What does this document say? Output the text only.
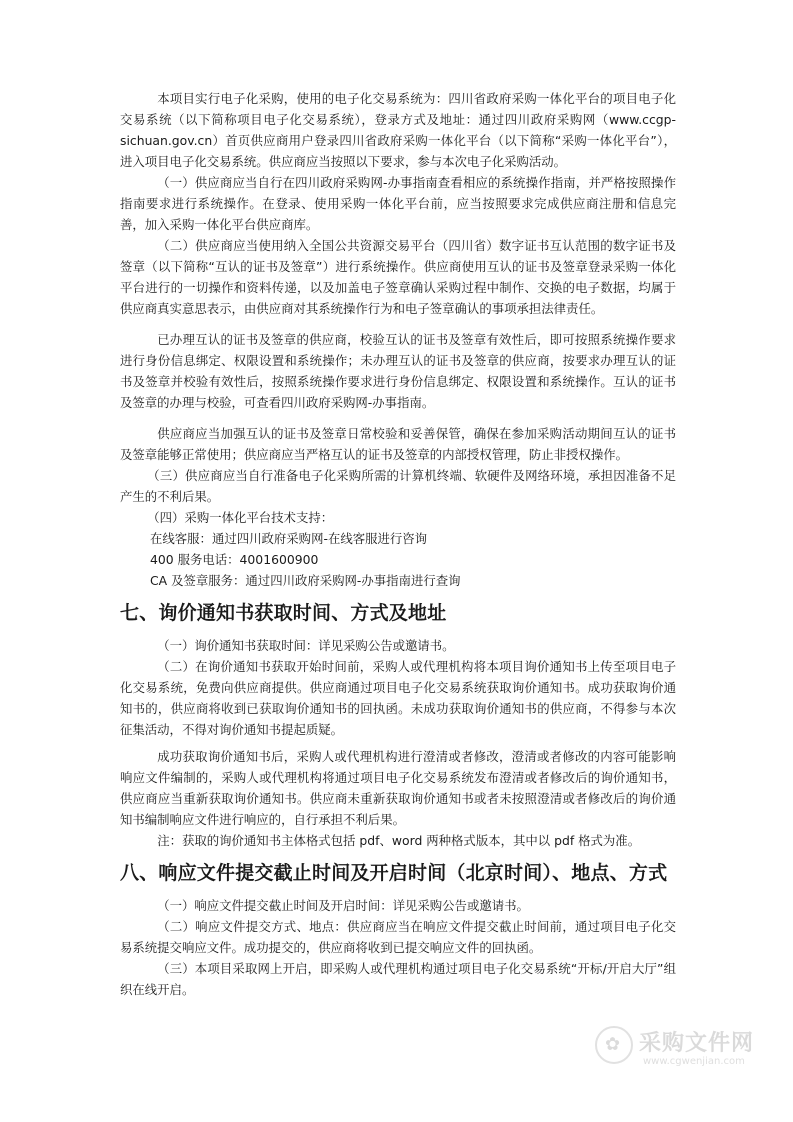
本项目实行电子化采购，使用的电子化交易系统为：四川省政府采购一体化平台的项目电子化交易系统（以下简称项目电子化交易系统），登录方式及地址：通过四川政府采购网（www.ccgp-sichuan.gov.cn）首页供应商用户登录四川省政府采购一体化平台（以下简称“采购一体化平台”），进入项目电子化交易系统。供应商应当按照以下要求，参与本次电子化采购活动。

（一）供应商应当自行在四川政府采购网-办事指南查看相应的系统操作指南，并严格按照操作指南要求进行系统操作。在登录、使用采购一体化平台前，应当按照要求完成供应商注册和信息完善，加入采购一体化平台供应商库。

（二）供应商应当使用纳入全国公共资源交易平台（四川省）数字证书互认范围的数字证书及签章（以下简称“互认的证书及签章”）进行系统操作。供应商使用互认的证书及签章登录采购一体化平台进行的一切操作和资料传递，以及加盖电子签章确认采购过程中制作、交换的电子数据，均属于供应商真实意思表示，由供应商对其系统操作行为和电子签章确认的事项承担法律责任。

已办理互认的证书及签章的供应商，校验互认的证书及签章有效性后，即可按照系统操作要求进行身份信息绑定、权限设置和系统操作；未办理互认的证书及签章的供应商，按要求办理互认的证书及签章并校验有效性后，按照系统操作要求进行身份信息绑定、权限设置和系统操作。互认的证书及签章的办理与校验，可查看四川政府采购网-办事指南。

供应商应当加强互认的证书及签章日常校验和妥善保管，确保在参加采购活动期间互认的证书及签章能够正常使用；供应商应当严格互认的证书及签章的内部授权管理，防止非授权操作。

（三）供应商应当自行准备电子化采购所需的计算机终端、软硬件及网络环境，承担因准备不足产生的不利后果。

（四）采购一体化平台技术支持：

在线客服：通过四川政府采购网-在线客服进行咨询

400 服务电话：4001600900

CA 及签章服务：通过四川政府采购网-办事指南进行查询

七、询价通知书获取时间、方式及地址

（一）询价通知书获取时间：详见采购公告或邀请书。

（二）在询价通知书获取开始时间前，采购人或代理机构将本项目询价通知书上传至项目电子化交易系统，免费向供应商提供。供应商通过项目电子化交易系统获取询价通知书。成功获取询价通知书的，供应商将收到已获取询价通知书的回执函。未成功获取询价通知书的供应商，不得参与本次征集活动，不得对询价通知书提起质疑。

成功获取询价通知书后，采购人或代理机构进行澄清或者修改，澄清或者修改的内容可能影响响应文件编制的，采购人或代理机构将通过项目电子化交易系统发布澄清或者修改后的询价通知书，供应商应当重新获取询价通知书。供应商未重新获取询价通知书或者未按照澄清或者修改后的询价通知书编制响应文件进行响应的，自行承担不利后果。

注：获取的询价通知书主体格式包括 pdf、word 两种格式版本，其中以 pdf 格式为准。

八、响应文件提交截止时间及开启时间（北京时间）、地点、方式

（一）响应文件提交截止时间及开启时间：详见采购公告或邀请书。

（二）响应文件提交方式、地点：供应商应当在响应文件提交截止时间前，通过项目电子化交易系统提交响应文件。成功提交的，供应商将收到已提交响应文件的回执函。

（三）本项目采取网上开启，即采购人或代理机构通过项目电子化交易系统“开标/开启大厅”组织在线开启。

✿ 采购文件网
www.cgwenjian.com
